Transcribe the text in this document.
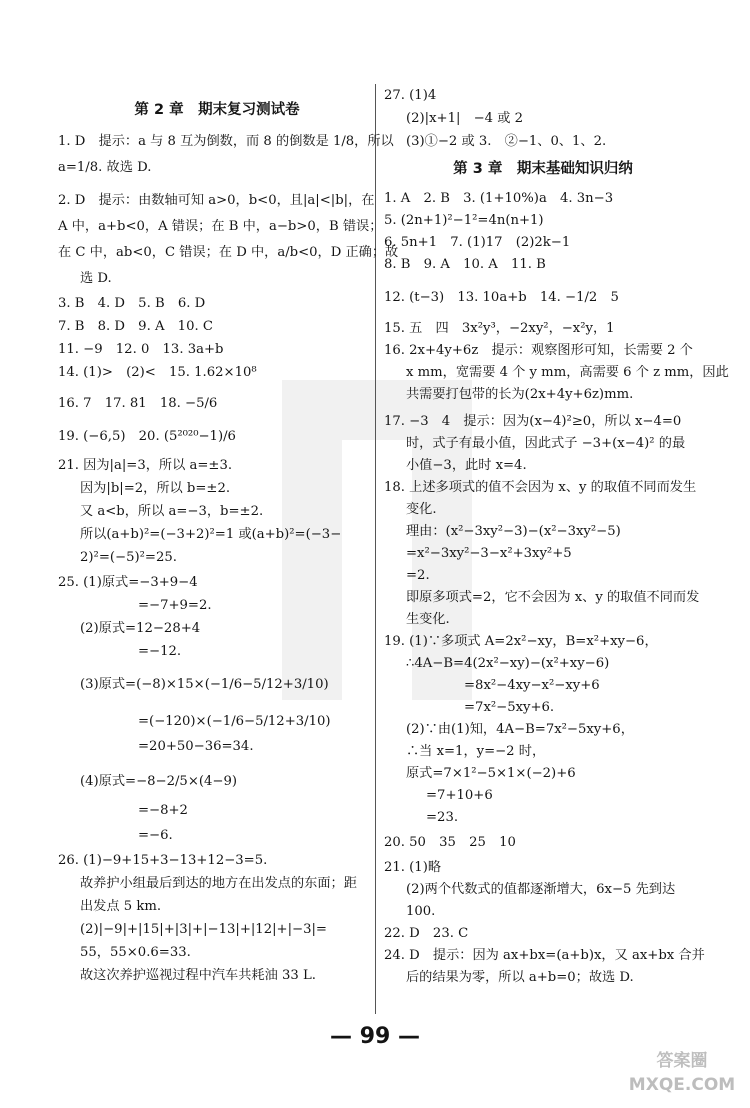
第 2 章　期末复习测试卷
1. D　提示：a 与 8 互为倒数，而 8 的倒数是 1/8，所以
a=1/8. 故选 D.
2. D　提示：由数轴可知 a>0，b<0，且|a|<|b|，在
A 中，a+b<0，A 错误；在 B 中，a−b>0，B 错误；
在 C 中，ab<0，C 错误；在 D 中，a/b<0，D 正确；故
选 D.
3. B　4. D　5. B　6. D
7. B　8. D　9. A　10. C
11. −9　12. 0　13. 3a+b
14. (1)>　(2)<　15. 1.62×10⁸
16. 7　17. 81　18. −5/6
19. (−6,5)　20. (5²⁰²⁰−1)/6
21. 因为|a|=3，所以 a=±3.
因为|b|=2，所以 b=±2.
又 a<b，所以 a=−3，b=±2.
所以(a+b)²=(−3+2)²=1 或(a+b)²=(−3−
2)²=(−5)²=25.
25. (1)原式=−3+9−4
=−7+9=2.
(2)原式=12−28+4
=−12.
(3)原式=(−8)×15×(−1/6−5/12+3/10)
=(−120)×(−1/6−5/12+3/10)
=20+50−36=34.
(4)原式=−8−2/5×(4−9)
=−8+2
=−6.
26. (1)−9+15+3−13+12−3=5.
故养护小组最后到达的地方在出发点的东面；距
出发点 5 km.
(2)|−9|+|15|+|3|+|−13|+|12|+|−3|=
55，55×0.6=33.
故这次养护巡视过程中汽车共耗油 33 L.
27. (1)4
(2)|x+1|　−4 或 2
(3)①−2 或 3.　②−1、0、1、2.
第 3 章　期末基础知识归纳
1. A　2. B　3. (1+10%)a　4. 3n−3
5. (2n+1)²−1²=4n(n+1)
6. 5n+1　7. (1)17　(2)2k−1
8. B　9. A　10. A　11. B
12. (t−3)　13. 10a+b　14. −1/2　5
15. 五　四　3x²y³，−2xy²，−x²y，1
16. 2x+4y+6z　提示：观察图形可知，长需要 2 个
x mm，宽需要 4 个 y mm，高需要 6 个 z mm，因此
共需要打包带的长为(2x+4y+6z)mm.
17. −3　4　提示：因为(x−4)²≥0，所以 x−4=0
时，式子有最小值，因此式子 −3+(x−4)² 的最
小值−3，此时 x=4.
18. 上述多项式的值不会因为 x、y 的取值不同而发生
变化.
理由：(x²−3xy²−3)−(x²−3xy²−5)
=x²−3xy²−3−x²+3xy²+5
=2.
即原多项式=2，它不会因为 x、y 的取值不同而发
生变化.
19. (1)∵多项式 A=2x²−xy，B=x²+xy−6，
∴4A−B=4(2x²−xy)−(x²+xy−6)
=8x²−4xy−x²−xy+6
=7x²−5xy+6.
(2)∵由(1)知，4A−B=7x²−5xy+6，
∴当 x=1，y=−2 时，
原式=7×1²−5×1×(−2)+6
=7+10+6
=23.
20. 50　35　25　10
21. (1)略
(2)两个代数式的值都逐渐增大，6x−5 先到达
100.
22. D　23. C
24. D　提示：因为 ax+bx=(a+b)x，又 ax+bx 合并
后的结果为零，所以 a+b=0；故选 D.
— 99 —
答案圈
MXQE.COM
